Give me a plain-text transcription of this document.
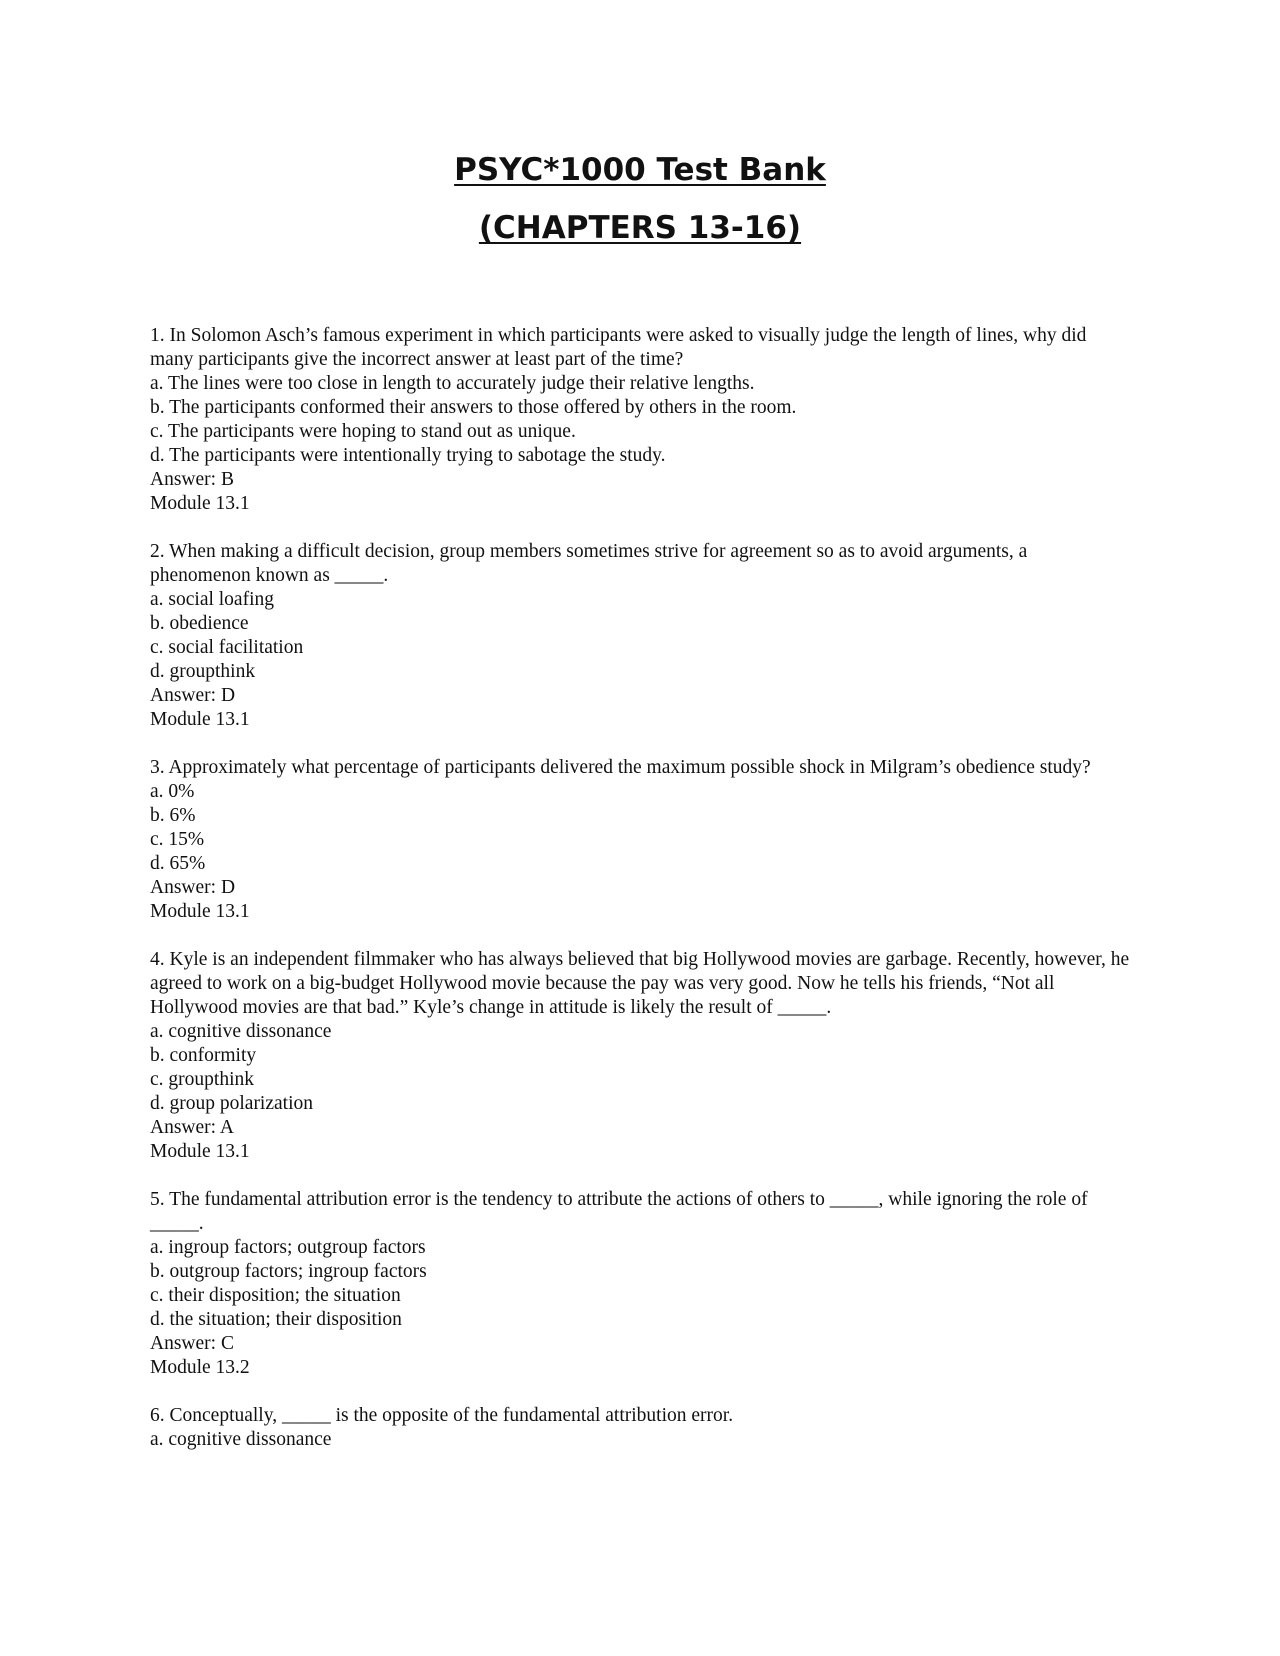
PSYC*1000 Test Bank
(CHAPTERS 13-16)

1. In Solomon Asch’s famous experiment in which participants were asked to visually judge the length of lines, why did many participants give the incorrect answer at least part of the time?

a. The lines were too close in length to accurately judge their relative lengths.

b. The participants conformed their answers to those offered by others in the room.

c. The participants were hoping to stand out as unique.

d. The participants were intentionally trying to sabotage the study.

Answer: B

Module 13.1

2. When making a difficult decision, group members sometimes strive for agreement so as to avoid arguments, a phenomenon known as _____.

a. social loafing

b. obedience

c. social facilitation

d. groupthink

Answer: D

Module 13.1

3. Approximately what percentage of participants delivered the maximum possible shock in Milgram’s obedience study?

a. 0%

b. 6%

c. 15%

d. 65%

Answer: D

Module 13.1

4. Kyle is an independent filmmaker who has always believed that big Hollywood movies are garbage. Recently, however, he agreed to work on a big-budget Hollywood movie because the pay was very good. Now he tells his friends, “Not all Hollywood movies are that bad.” Kyle’s change in attitude is likely the result of _____.

a. cognitive dissonance

b. conformity

c. groupthink

d. group polarization

Answer: A

Module 13.1

5. The fundamental attribution error is the tendency to attribute the actions of others to _____, while ignoring the role of _____.

a. ingroup factors; outgroup factors

b. outgroup factors; ingroup factors

c. their disposition; the situation

d. the situation; their disposition

Answer: C

Module 13.2

6. Conceptually, _____ is the opposite of the fundamental attribution error.

a. cognitive dissonance
